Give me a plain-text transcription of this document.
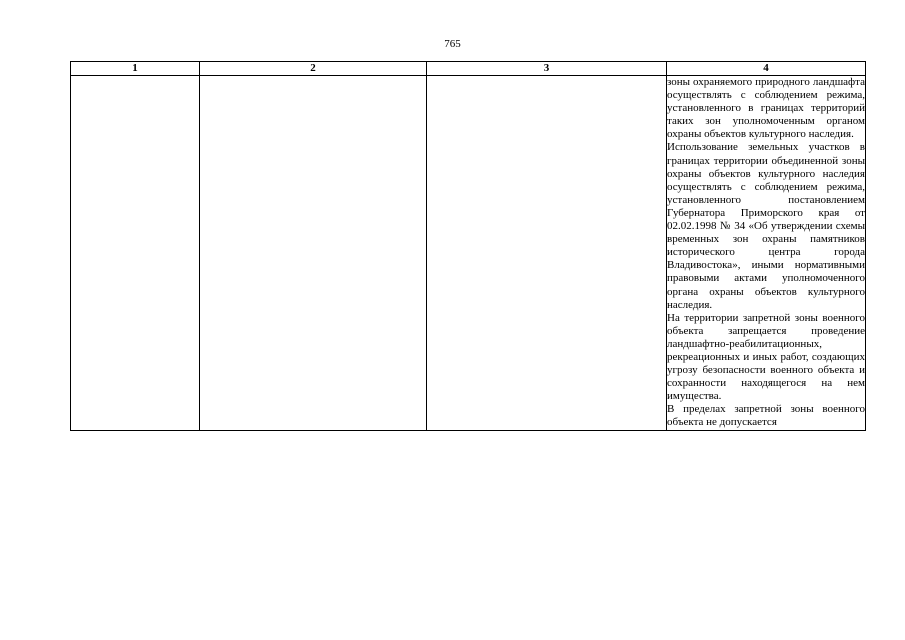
765
1	2	3	4

			зоны охраняемого природного ландшафта осуществлять с соблюдением режима, установленного в границах территорий таких зон уполномоченным органом охраны объектов культурного наследия.

Использование земельных участков в границах территории объединенной зоны охраны объектов культурного наследия осуществлять с соблюдением режима, установленного постановлением Губернатора Приморского края от 02.02.1998 № 34 «Об утверждении схемы временных зон охраны памятников исторического центра города Владивостока», иными нормативными правовыми актами уполномоченного органа охраны объектов культурного наследия.

На территории запретной зоны военного объекта запрещается проведение ландшафтно-реабилитационных, рекреационных и иных работ, создающих угрозу безопасности военного объекта и сохранности находящегося на нем имущества.

В пределах запретной зоны военного объекта не допускается
